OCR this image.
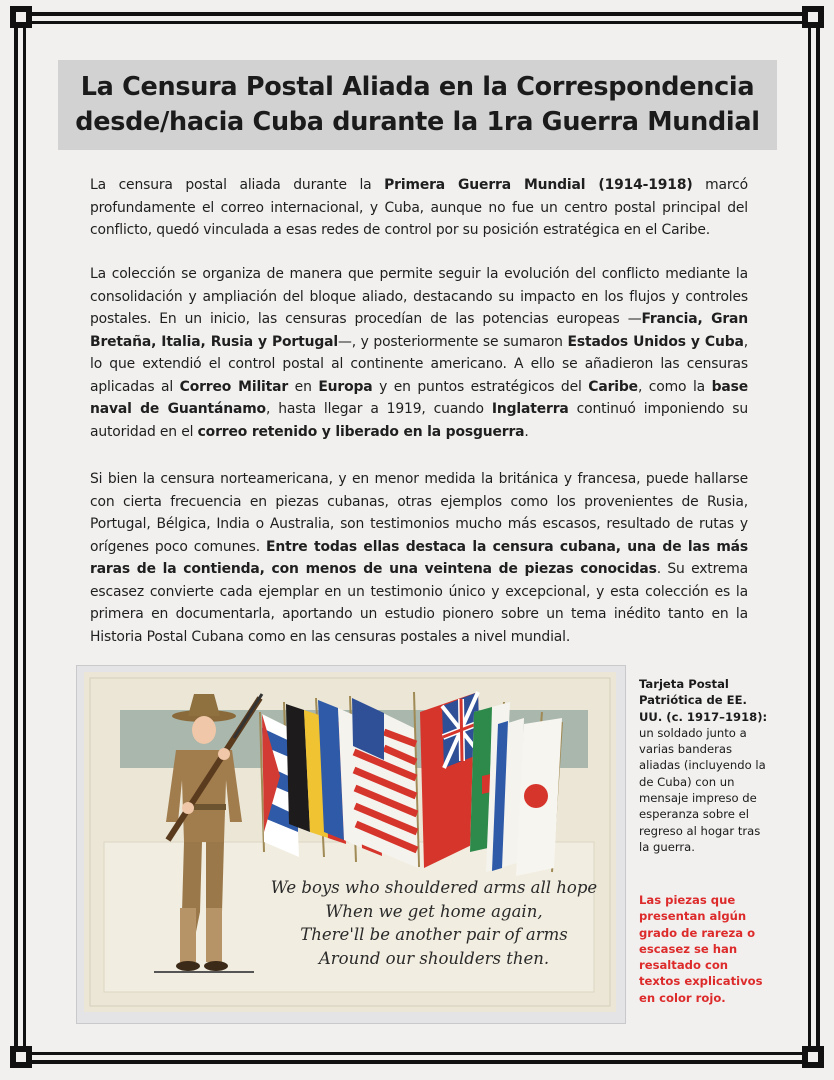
La Censura Postal Aliada en la Correspondencia
desde/hacia Cuba durante la 1ra Guerra Mundial

La censura postal aliada durante la Primera Guerra Mundial (1914-1918) marcó profundamente el correo internacional, y Cuba, aunque no fue un centro postal principal del conflicto, quedó vinculada a esas redes de control por su posición estratégica en el Caribe.

La colección se organiza de manera que permite seguir la evolución del conflicto mediante la consolidación y ampliación del bloque aliado, destacando su impacto en los flujos y controles postales. En un inicio, las censuras procedían de las potencias europeas —Francia, Gran Bretaña, Italia, Rusia y Portugal—, y posteriormente se sumaron Estados Unidos y Cuba, lo que extendió el control postal al continente americano. A ello se añadieron las censuras aplicadas al Correo Militar en Europa y en puntos estratégicos del Caribe, como la base naval de Guantánamo, hasta llegar a 1919, cuando Inglaterra continuó imponiendo su autoridad en el correo retenido y liberado en la posguerra.

Si bien la censura norteamericana, y en menor medida la británica y francesa, puede hallarse con cierta frecuencia en piezas cubanas, otras ejemplos como los provenientes de Rusia, Portugal, Bélgica, India o Australia, son testimonios mucho más escasos, resultado de rutas y orígenes poco comunes. Entre todas ellas destaca la censura cubana, una de las más raras de la contienda, con menos de una veintena de piezas conocidas. Su extrema escasez convierte cada ejemplar en un testimonio único y excepcional, y esta colección es la primera en documentarla, aportando un estudio pionero sobre un tema inédito tanto en la Historia Postal Cubana como en las censuras postales a nivel mundial.

We boys who shouldered arms all hope
When we get home again,
There'll be another pair of arms
Around our shoulders then.
Tarjeta Postal Patriótica de EE. UU. (c. 1917–1918): un soldado junto a varias banderas aliadas (incluyendo la de Cuba) con un mensaje impreso de esperanza sobre el regreso al hogar tras la guerra.
Las piezas que presentan algún grado de rareza o escasez se han resaltado con textos explicativos en color rojo.
